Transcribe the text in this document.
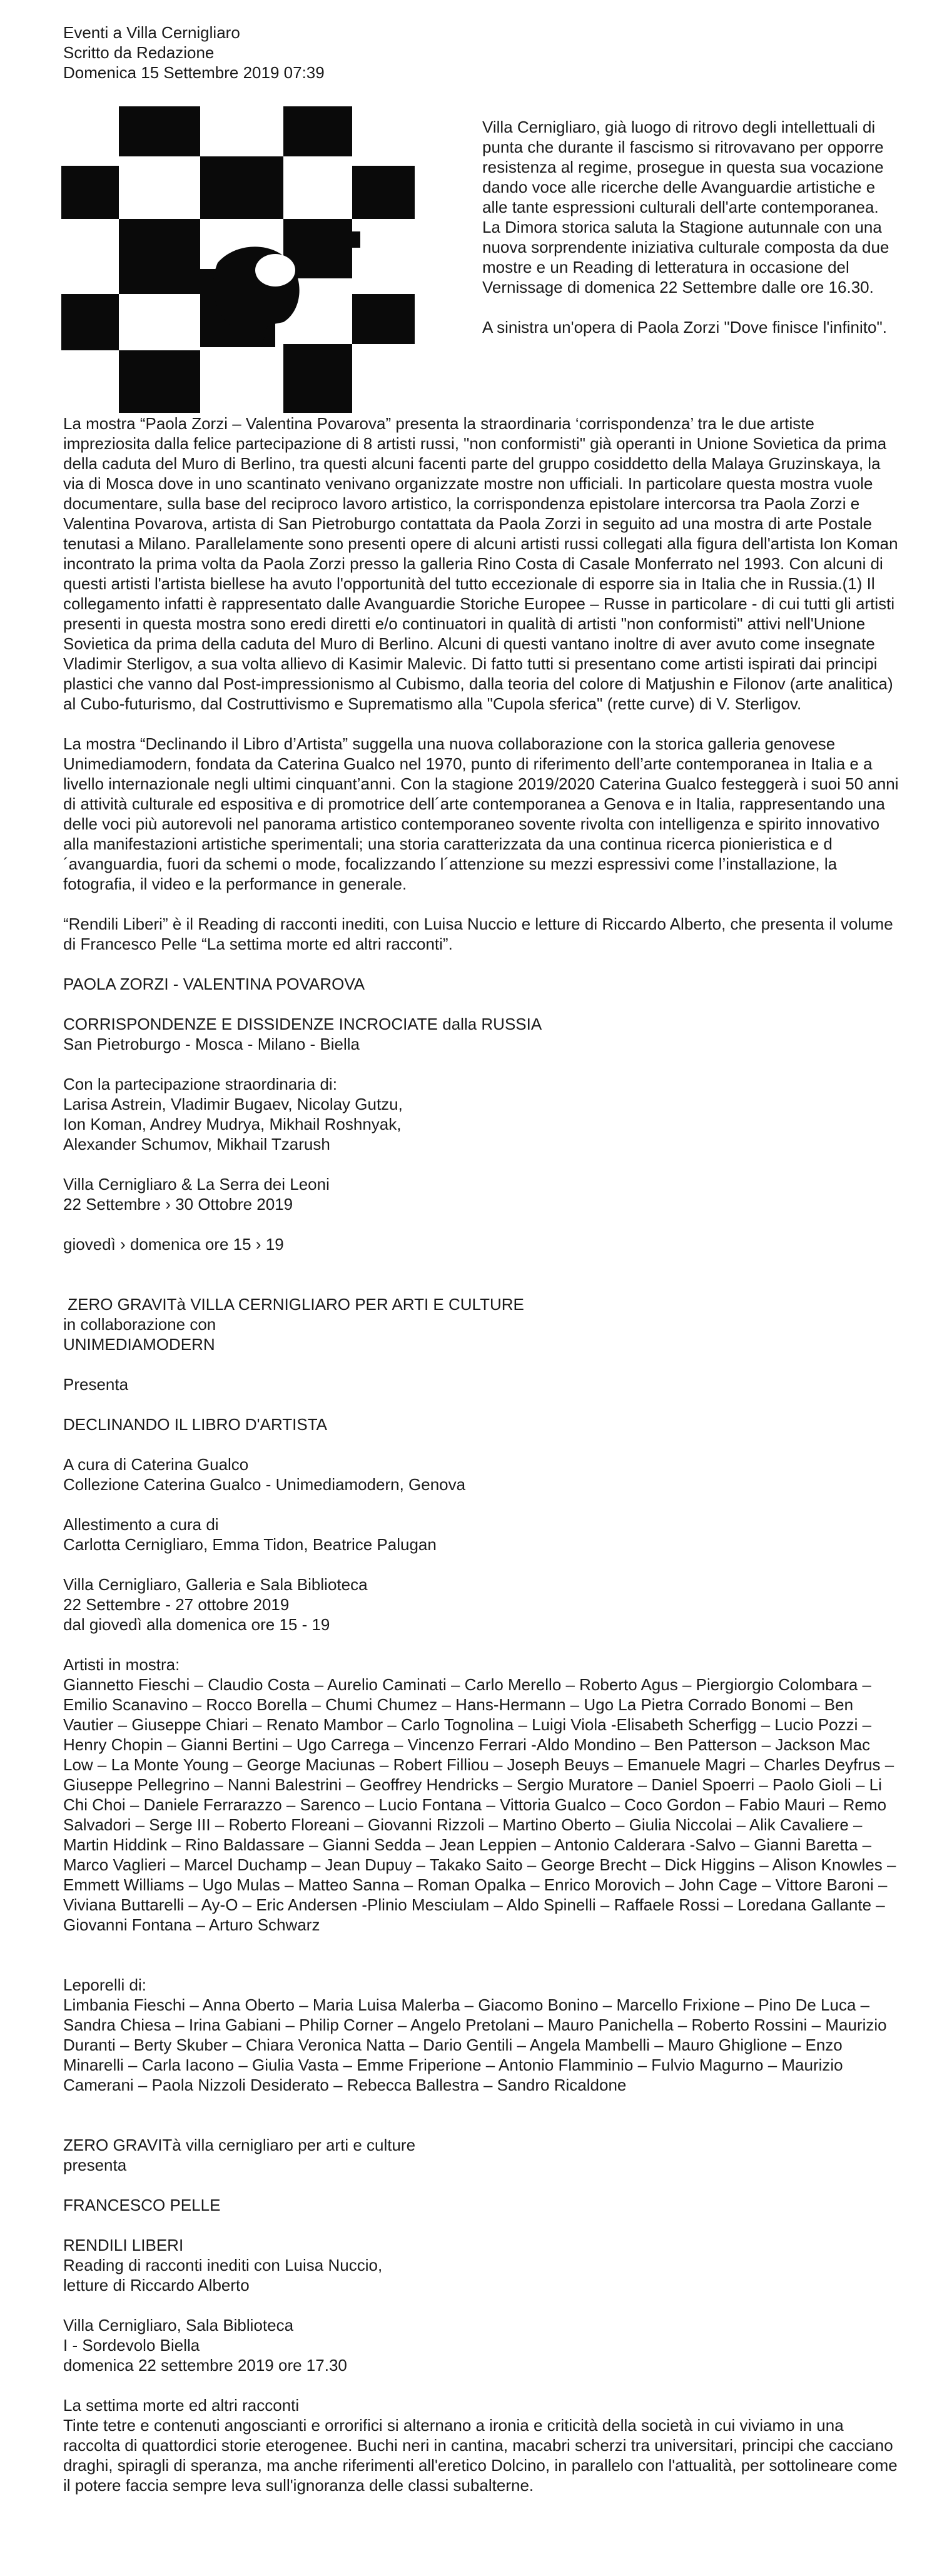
Eventi a Villa Cernigliaro
Scritto da Redazione
Domenica 15 Settembre 2019 07:39
Villa Cernigliaro, già luogo di ritrovo degli intellettuali di punta che durante il fascismo si ritrovavano per opporre resistenza al regime, prosegue in questa sua vocazione dando voce alle ricerche delle Avanguardie artistiche e alle tante espressioni culturali dell'arte contemporanea. La Dimora storica saluta la Stagione autunnale con una nuova sorprendente iniziativa culturale composta da due mostre e un Reading di letteratura in occasione del Vernissage di domenica 22 Settembre dalle ore 16.30.
A sinistra un'opera di Paola Zorzi "Dove finisce l'infinito".
La mostra “Paola Zorzi – Valentina Povarova” presenta la straordinaria ‘corrispondenza’ tra le due artiste impreziosita dalla felice partecipazione di 8 artisti russi, "non conformisti" già operanti in Unione Sovietica da prima della caduta del Muro di Berlino, tra questi alcuni facenti parte del gruppo cosiddetto della Malaya Gruzinskaya, la via di Mosca dove in uno scantinato venivano organizzate mostre non ufficiali. In particolare questa mostra vuole documentare, sulla base del reciproco lavoro artistico, la corrispondenza epistolare intercorsa tra Paola Zorzi e Valentina Povarova, artista di San Pietroburgo contattata da Paola Zorzi in seguito ad una mostra di arte Postale tenutasi a Milano. Parallelamente sono presenti opere di alcuni artisti russi collegati alla figura dell'artista Ion Koman incontrato la prima volta da Paola Zorzi presso la galleria Rino Costa di Casale Monferrato nel 1993. Con alcuni di questi artisti l'artista biellese ha avuto l'opportunità del tutto eccezionale di esporre sia in Italia che in Russia.(1) Il collegamento infatti è rappresentato dalle Avanguardie Storiche Europee – Russe in particolare - di cui tutti gli artisti presenti in questa mostra sono eredi diretti e/o continuatori in qualità di artisti "non conformisti" attivi nell'Unione Sovietica da prima della caduta del Muro di Berlino. Alcuni di questi vantano inoltre di aver avuto come insegnate Vladimir Sterligov, a sua volta allievo di Kasimir Malevic. Di fatto tutti si presentano come artisti ispirati dai principi plastici che vanno dal Post-impressionismo al Cubismo, dalla teoria del colore di Matjushin e Filonov (arte analitica) al Cubo-futurismo, dal Costruttivismo e Suprematismo alla "Cupola sferica" (rette curve) di V. Sterligov.
La mostra “Declinando il Libro d’Artista” suggella una nuova collaborazione con la storica galleria genovese Unimediamodern, fondata da Caterina Gualco nel 1970, punto di riferimento dell’arte contemporanea in Italia e a livello internazionale negli ultimi cinquant’anni. Con la stagione 2019/2020 Caterina Gualco festeggerà i suoi 50 anni di attività culturale ed espositiva e di promotrice dell´arte contemporanea a Genova e in Italia, rappresentando una delle voci più autorevoli nel panorama artistico contemporaneo sovente rivolta con intelligenza e spirito innovativo alla manifestazioni artistiche sperimentali; una storia caratterizzata da una continua ricerca pionieristica e d´avanguardia, fuori da schemi o mode, focalizzando l´attenzione su mezzi espressivi come l’installazione, la fotografia, il video e la performance in generale.
“Rendili Liberi” è il Reading di racconti inediti, con Luisa Nuccio e letture di Riccardo Alberto, che presenta il volume di Francesco Pelle “La settima morte ed altri racconti”.
PAOLA ZORZI - VALENTINA POVAROVA
CORRISPONDENZE E DISSIDENZE INCROCIATE dalla RUSSIA
San Pietroburgo - Mosca - Milano - Biella
Con la partecipazione straordinaria di:
Larisa Astrein, Vladimir Bugaev, Nicolay Gutzu,
Ion Koman, Andrey Mudrya, Mikhail Roshnyak,
Alexander Schumov, Mikhail Tzarush
Villa Cernigliaro & La Serra dei Leoni
22 Settembre › 30 Ottobre 2019
giovedì › domenica ore 15 › 19
ZERO GRAVITà VILLA CERNIGLIARO PER ARTI E CULTURE
in collaborazione con
UNIMEDIAMODERN
Presenta
DECLINANDO IL LIBRO D'ARTISTA
A cura di Caterina Gualco
Collezione Caterina Gualco - Unimediamodern, Genova
Allestimento a cura di
Carlotta Cernigliaro, Emma Tidon, Beatrice Palugan
Villa Cernigliaro, Galleria e Sala Biblioteca
22 Settembre - 27 ottobre 2019
dal giovedì alla domenica ore 15 - 19
Artisti in mostra:
Giannetto Fieschi – Claudio Costa – Aurelio Caminati – Carlo Merello – Roberto Agus – Piergiorgio Colombara – Emilio Scanavino – Rocco Borella – Chumi Chumez – Hans-Hermann – Ugo La Pietra Corrado Bonomi – Ben Vautier – Giuseppe Chiari – Renato Mambor – Carlo Tognolina – Luigi Viola -Elisabeth Scherfigg – Lucio Pozzi – Henry Chopin – Gianni Bertini – Ugo Carrega – Vincenzo Ferrari -Aldo Mondino – Ben Patterson – Jackson Mac Low – La Monte Young – George Maciunas – Robert Filliou – Joseph Beuys – Emanuele Magri – Charles Deyfrus – Giuseppe Pellegrino – Nanni Balestrini – Geoffrey Hendricks – Sergio Muratore – Daniel Spoerri – Paolo Gioli – Li Chi Choi – Daniele Ferrarazzo – Sarenco – Lucio Fontana – Vittoria Gualco – Coco Gordon – Fabio Mauri – Remo Salvadori – Serge III – Roberto Floreani – Giovanni Rizzoli – Martino Oberto – Giulia Niccolai – Alik Cavaliere – Martin Hiddink – Rino Baldassare – Gianni Sedda – Jean Leppien – Antonio Calderara -Salvo – Gianni Baretta – Marco Vaglieri – Marcel Duchamp – Jean Dupuy – Takako Saito – George Brecht – Dick Higgins – Alison Knowles – Emmett Williams – Ugo Mulas – Matteo Sanna – Roman Opalka – Enrico Morovich – John Cage – Vittore Baroni – Viviana Buttarelli – Ay-O – Eric Andersen -Plinio Mesciulam – Aldo Spinelli – Raffaele Rossi – Loredana Gallante – Giovanni Fontana – Arturo Schwarz
Leporelli di:
Limbania Fieschi – Anna Oberto – Maria Luisa Malerba – Giacomo Bonino – Marcello Frixione – Pino De Luca – Sandra Chiesa – Irina Gabiani – Philip Corner – Angelo Pretolani – Mauro Panichella – Roberto Rossini – Maurizio Duranti – Berty Skuber – Chiara Veronica Natta – Dario Gentili – Angela Mambelli – Mauro Ghiglione – Enzo Minarelli – Carla Iacono – Giulia Vasta – Emme Friperione – Antonio Flamminio – Fulvio Magurno – Maurizio Camerani – Paola Nizzoli Desiderato – Rebecca Ballestra – Sandro Ricaldone
ZERO GRAVITà villa cernigliaro per arti e culture
presenta
FRANCESCO PELLE
RENDILI LIBERI
Reading di racconti inediti con Luisa Nuccio,
letture di Riccardo Alberto
Villa Cernigliaro, Sala Biblioteca
I - Sordevolo Biella
domenica 22 settembre 2019 ore 17.30
La settima morte ed altri racconti
Tinte tetre e contenuti angoscianti e orrorifici si alternano a ironia e criticità della società in cui viviamo in una raccolta di quattordici storie eterogenee. Buchi neri in cantina, macabri scherzi tra universitari, principi che cacciano draghi, spiragli di speranza, ma anche riferimenti all'eretico Dolcino, in parallelo con l'attualità, per sottolineare come il potere faccia sempre leva sull'ignoranza delle classi subalterne.
